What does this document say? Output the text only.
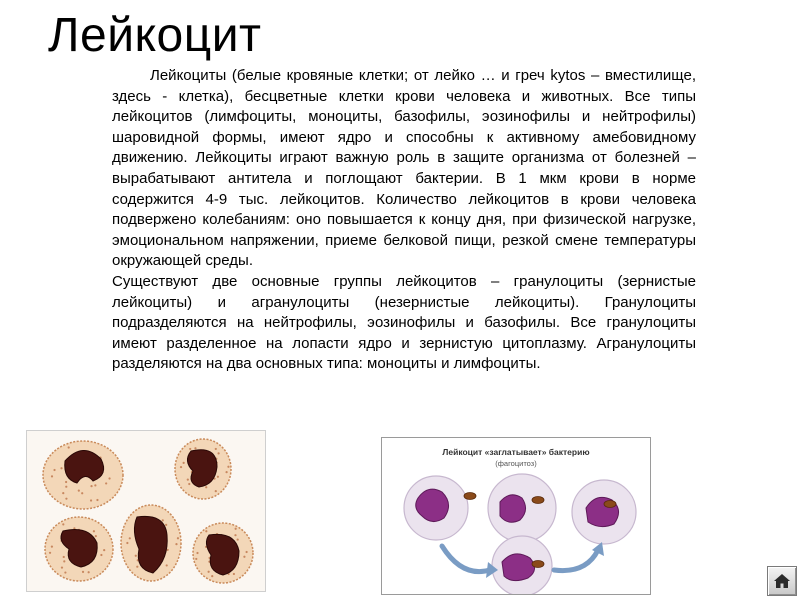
Лейкоцит

Лейкоциты (белые кровяные клетки; от лейко … и греч kytos – вместилище, здесь - клетка), бесцветные клетки крови человека и животных. Все типы лейкоцитов (лимфоциты, моноциты, базофилы, эозинофилы и нейтрофилы) шаровидной формы, имеют ядро и способны к активному амебовидному движению. Лейкоциты играют важную роль в защите организма от болезней – вырабатывают антитела и поглощают бактерии. В 1 мкм крови в норме содержится 4-9 тыс. лейкоцитов. Количество лейкоцитов в крови человека подвержено колебаниям: оно повышается к концу дня, при физической нагрузке, эмоциональном напряжении, приеме белковой пищи, резкой смене температуры окружающей среды.

Существуют две основные группы лейкоцитов – гранулоциты (зернистые лейкоциты) и агранулоциты (незернистые лейкоциты). Гранулоциты подразделяются на нейтрофилы, эозинофилы и базофилы. Все гранулоциты имеют разделенное на лопасти ядро и зернистую цитоплазму. Агранулоциты разделяются на два основных типа: моноциты и лимфоциты.

Лейкоцит «заглатывает» бактерию
(фагоцитоз)
